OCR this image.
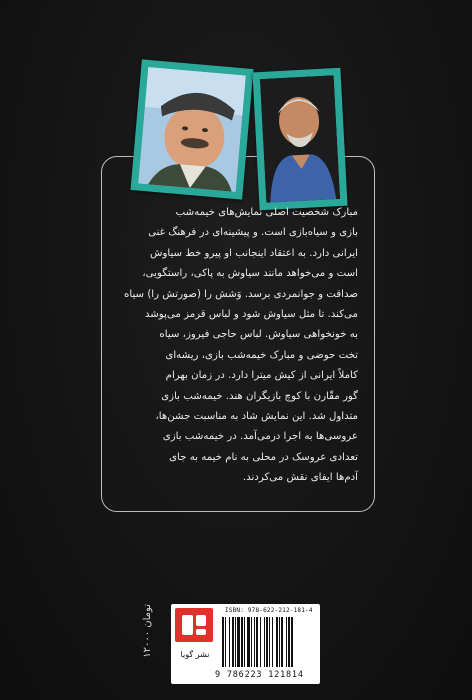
مبارک شخصیت اصلی نمایش‌های خیمه‌شب
بازی و سیاه‌بازی است. و پیشینه‌ای در فرهنگ غنی
ایرانی دارد. به اعتقاد اینجانب او پیرو خط سیاوش
است و می‌خواهد مانند سیاوش به پاکی، راستگویی،
صداقت و جوانمردی برسد. وَشش را (صورتش را) سیاه
می‌کند. تا مثل سیاوش شود و لباس قرمز می‌پوشد
به خونخواهی سیاوش. لباس حاجی فیروز، سیاه
تخت حوضی و مبارک خیمه‌شب بازی، ریشه‌ای
کاملاً ایرانی از کیش میترا دارد. در زمان بهرام
گور مقّارن با کوچ بازیگران هند. خیمه‌شب بازی
متداول شد. این نمایش شاد به مناسبت جشن‌ها،
عروسی‌ها به اجرا درمی‌آمد. در خیمه‌شب بازی
تعدادی عروسک در محلی به نام خیمه به جای
آدم‌ها ایفای نقش می‌کردند.
۱۲۰۰۰ تومان
نشر گویا
ISBN: 978-622-212-181-4
9 786223 121814
